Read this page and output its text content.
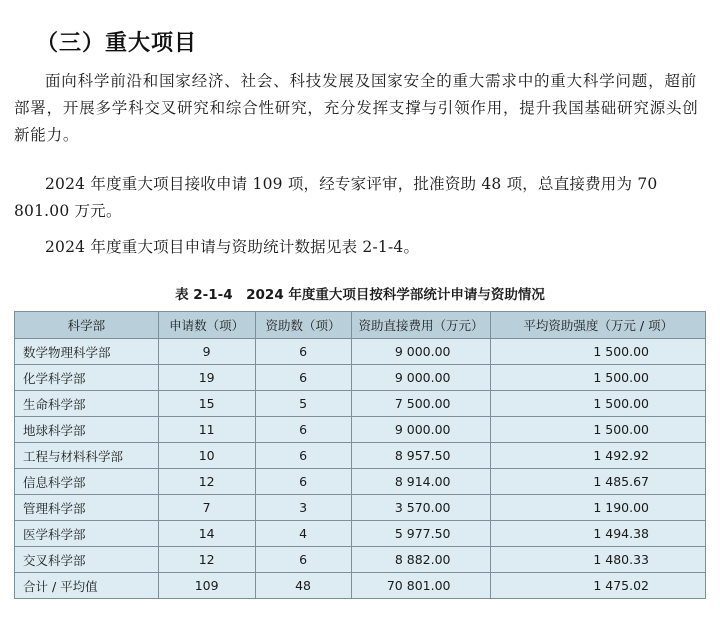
（三）重大项目

面向科学前沿和国家经济、社会、科技发展及国家安全的重大需求中的重大科学问题，超前部署，开展多学科交叉研究和综合性研究，充分发挥支撑与引领作用，提升我国基础研究源头创新能力。

2024 年度重大项目接收申请 109 项，经专家评审，批准资助 48 项，总直接费用为 70 801.00 万元。

2024 年度重大项目申请与资助统计数据见表 2-1-4。

表 2-1-4　2024 年度重大项目按科学部统计申请与资助情况
科学部	申请数（项）	资助数（项）	资助直接费用（万元）	平均资助强度（万元 / 项）
数学物理科学部	9	6	9 000.00	1 500.00
化学科学部	19	6	9 000.00	1 500.00
生命科学部	15	5	7 500.00	1 500.00
地球科学部	11	6	9 000.00	1 500.00
工程与材料科学部	10	6	8 957.50	1 492.92
信息科学部	12	6	8 914.00	1 485.67
管理科学部	7	3	3 570.00	1 190.00
医学科学部	14	4	5 977.50	1 494.38
交叉科学部	12	6	8 882.00	1 480.33
合计 / 平均值	109	48	70 801.00	1 475.02
